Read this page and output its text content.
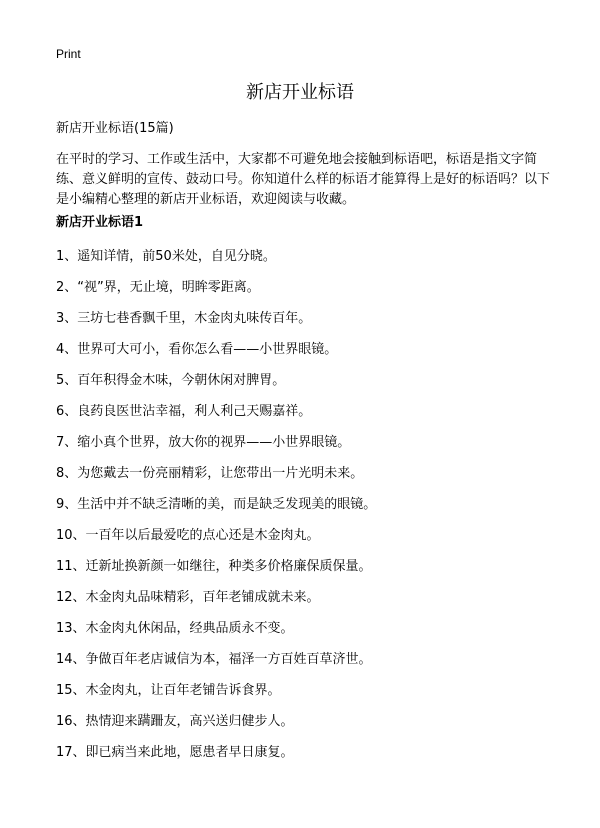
Print
新店开业标语
新店开业标语(15篇)

在平时的学习、工作或生活中，大家都不可避免地会接触到标语吧，标语是指文字简练、意义鲜明的宣传、鼓动口号。你知道什么样的标语才能算得上是好的标语吗？以下是小编精心整理的新店开业标语，欢迎阅读与收藏。

新店开业标语1
1、遥知详情，前50米处，自见分晓。
2、“视”界，无止境，明眸零距离。
3、三坊七巷香飘千里，木金肉丸味传百年。
4、世界可大可小，看你怎么看——小世界眼镜。
5、百年积得金木味，今朝休闲对脾胃。
6、良药良医世沾幸福，利人利己天赐嘉祥。
7、缩小真个世界，放大你的视界——小世界眼镜。
8、为您戴去一份亮丽精彩，让您带出一片光明未来。
9、生活中并不缺乏清晰的美，而是缺乏发现美的眼镜。
10、一百年以后最爱吃的点心还是木金肉丸。
11、迁新址换新颜一如继往，种类多价格廉保质保量。
12、木金肉丸品味精彩，百年老铺成就未来。
13、木金肉丸休闲品，经典品质永不变。
14、争做百年老店诚信为本，福泽一方百姓百草济世。
15、木金肉丸，让百年老铺告诉食界。
16、热情迎来蹒跚友，高兴送归健步人。
17、即已病当来此地，愿患者早日康复。
